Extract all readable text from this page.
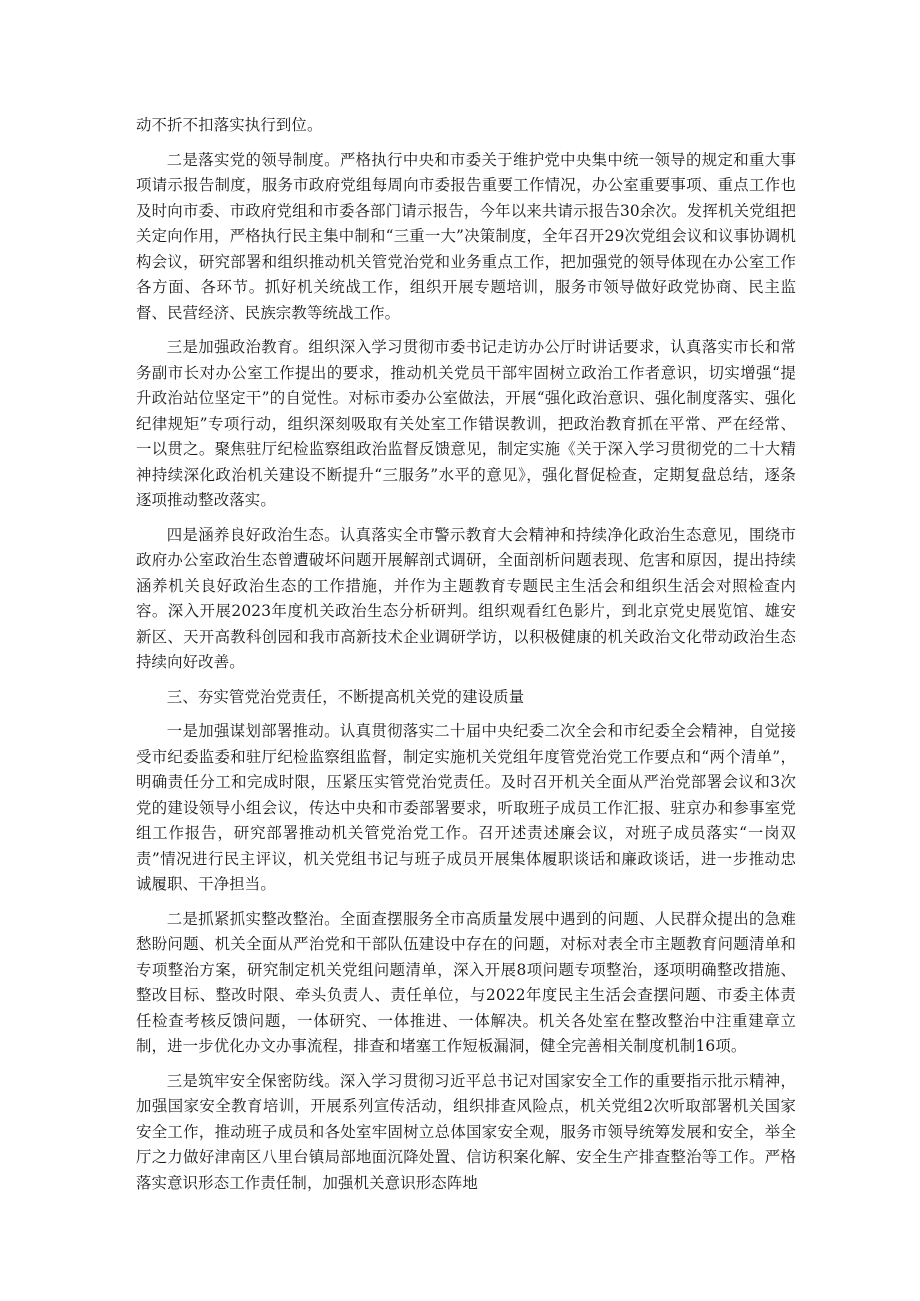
动不折不扣落实执行到位。

二是落实党的领导制度。严格执行中央和市委关于维护党中央集中统一领导的规定和重大事项请示报告制度，服务市政府党组每周向市委报告重要工作情况，办公室重要事项、重点工作也及时向市委、市政府党组和市委各部门请示报告，今年以来共请示报告30余次。发挥机关党组把关定向作用，严格执行民主集中制和“三重一大”决策制度，全年召开29次党组会议和议事协调机构会议，研究部署和组织推动机关管党治党和业务重点工作，把加强党的领导体现在办公室工作各方面、各环节。抓好机关统战工作，组织开展专题培训，服务市领导做好政党协商、民主监督、民营经济、民族宗教等统战工作。

三是加强政治教育。组织深入学习贯彻市委书记走访办公厅时讲话要求，认真落实市长和常务副市长对办公室工作提出的要求，推动机关党员干部牢固树立政治工作者意识，切实增强“提升政治站位坚定干”的自觉性。对标市委办公室做法，开展“强化政治意识、强化制度落实、强化纪律规矩”专项行动，组织深刻吸取有关处室工作错误教训，把政治教育抓在平常、严在经常、一以贯之。聚焦驻厅纪检监察组政治监督反馈意见，制定实施《关于深入学习贯彻党的二十大精神持续深化政治机关建设不断提升“三服务”水平的意见》，强化督促检查，定期复盘总结，逐条逐项推动整改落实。

四是涵养良好政治生态。认真落实全市警示教育大会精神和持续净化政治生态意见，围绕市政府办公室政治生态曾遭破坏问题开展解剖式调研，全面剖析问题表现、危害和原因，提出持续涵养机关良好政治生态的工作措施，并作为主题教育专题民主生活会和组织生活会对照检查内容。深入开展2023年度机关政治生态分析研判。组织观看红色影片，到北京党史展览馆、雄安新区、天开高教科创园和我市高新技术企业调研学访，以积极健康的机关政治文化带动政治生态持续向好改善。

三、夯实管党治党责任，不断提高机关党的建设质量

一是加强谋划部署推动。认真贯彻落实二十届中央纪委二次全会和市纪委全会精神，自觉接受市纪委监委和驻厅纪检监察组监督，制定实施机关党组年度管党治党工作要点和“两个清单”，明确责任分工和完成时限，压紧压实管党治党责任。及时召开机关全面从严治党部署会议和3次党的建设领导小组会议，传达中央和市委部署要求，听取班子成员工作汇报、驻京办和参事室党组工作报告，研究部署推动机关管党治党工作。召开述责述廉会议，对班子成员落实“一岗双责”情况进行民主评议，机关党组书记与班子成员开展集体履职谈话和廉政谈话，进一步推动忠诚履职、干净担当。

二是抓紧抓实整改整治。全面查摆服务全市高质量发展中遇到的问题、人民群众提出的急难愁盼问题、机关全面从严治党和干部队伍建设中存在的问题，对标对表全市主题教育问题清单和专项整治方案，研究制定机关党组问题清单，深入开展8项问题专项整治，逐项明确整改措施、整改目标、整改时限、牵头负责人、责任单位，与2022年度民主生活会查摆问题、市委主体责任检查考核反馈问题，一体研究、一体推进、一体解决。机关各处室在整改整治中注重建章立制，进一步优化办文办事流程，排查和堵塞工作短板漏洞，健全完善相关制度机制16项。

三是筑牢安全保密防线。深入学习贯彻习近平总书记对国家安全工作的重要指示批示精神，加强国家安全教育培训，开展系列宣传活动，组织排查风险点，机关党组2次听取部署机关国家安全工作，推动班子成员和各处室牢固树立总体国家安全观，服务市领导统筹发展和安全，举全厅之力做好津南区八里台镇局部地面沉降处置、信访积案化解、安全生产排查整治等工作。严格落实意识形态工作责任制，加强机关意识形态阵地
